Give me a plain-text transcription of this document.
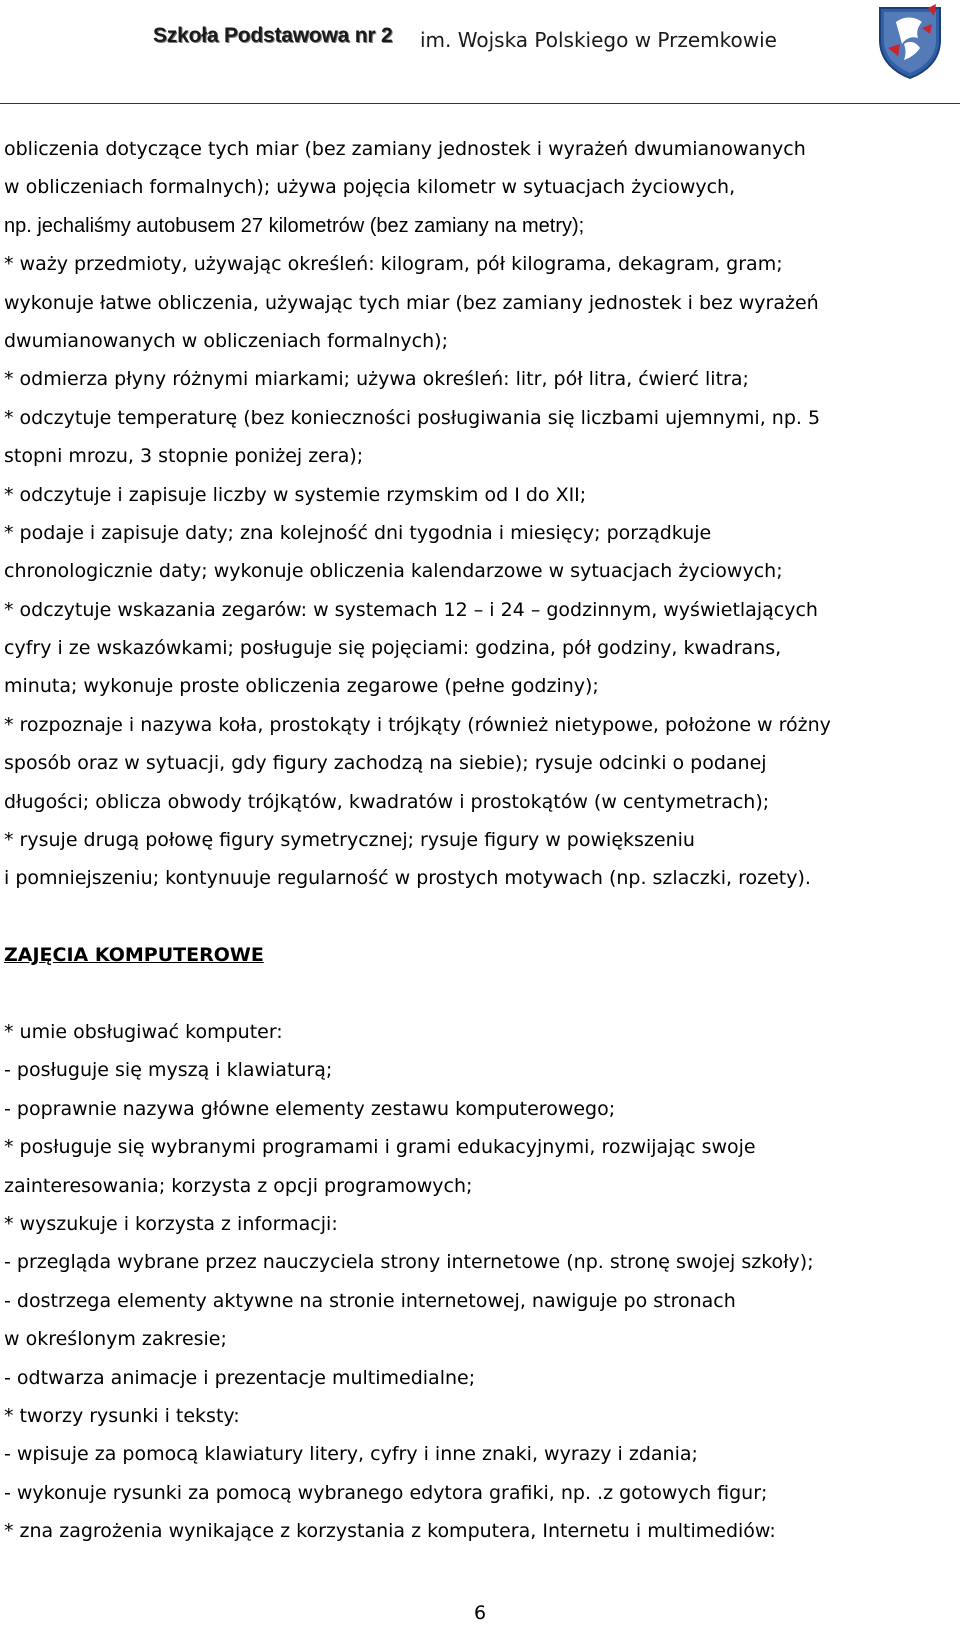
Szkoła Podstawowa nr 2 im. Wojska Polskiego w Przemkowie
obliczenia dotyczące tych miar (bez zamiany jednostek i wyrażeń dwumianowanych
w obliczeniach formalnych); używa pojęcia kilometr w sytuacjach życiowych,
np. jechaliśmy autobusem 27 kilometrów (bez zamiany na metry);
* waży przedmioty, używając określeń: kilogram, pół kilograma, dekagram, gram;
wykonuje łatwe obliczenia, używając tych miar (bez zamiany jednostek i bez wyrażeń
dwumianowanych w obliczeniach formalnych);
* odmierza płyny różnymi miarkami; używa określeń: litr, pół litra, ćwierć litra;
* odczytuje temperaturę (bez konieczności posługiwania się liczbami ujemnymi, np. 5
stopni mrozu, 3 stopnie poniżej zera);
* odczytuje i zapisuje liczby w systemie rzymskim od I do XII;
* podaje i zapisuje daty; zna kolejność dni tygodnia i miesięcy; porządkuje
chronologicznie daty; wykonuje obliczenia kalendarzowe w sytuacjach życiowych;
* odczytuje wskazania zegarów: w systemach 12 – i 24 – godzinnym, wyświetlających
cyfry i ze wskazówkami; posługuje się pojęciami: godzina, pół godziny, kwadrans,
minuta; wykonuje proste obliczenia zegarowe (pełne godziny);
* rozpoznaje i nazywa koła, prostokąty i trójkąty (również nietypowe, położone w różny
sposób oraz w sytuacji, gdy figury zachodzą na siebie); rysuje odcinki o podanej
długości; oblicza obwody trójkątów, kwadratów i prostokątów (w centymetrach);
* rysuje drugą połowę figury symetrycznej; rysuje figury w powiększeniu
i pomniejszeniu; kontynuuje regularność w prostych motywach (np. szlaczki, rozety).
ZAJĘCIA KOMPUTEROWE
* umie obsługiwać komputer:
- posługuje się myszą i klawiaturą;
- poprawnie nazywa główne elementy zestawu komputerowego;
* posługuje się wybranymi programami i grami edukacyjnymi, rozwijając swoje
zainteresowania; korzysta z opcji programowych;
* wyszukuje i korzysta z informacji:
- przegląda wybrane przez nauczyciela strony internetowe (np. stronę swojej szkoły);
- dostrzega elementy aktywne na stronie internetowej, nawiguje po stronach
w określonym zakresie;
- odtwarza animacje i prezentacje multimedialne;
* tworzy rysunki i teksty:
- wpisuje za pomocą klawiatury litery, cyfry i inne znaki, wyrazy i zdania;
- wykonuje rysunki za pomocą wybranego edytora grafiki, np. .z gotowych figur;
* zna zagrożenia wynikające z korzystania z komputera, Internetu i multimediów:
6
